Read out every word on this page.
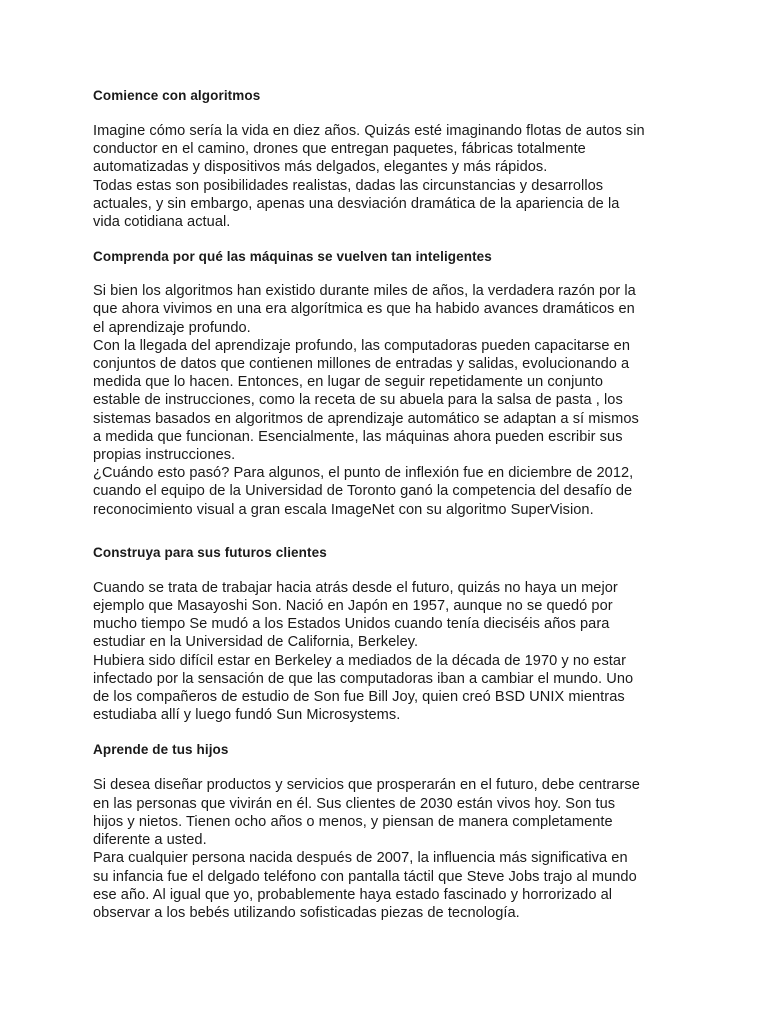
Comience con algoritmos

Imagine cómo sería la vida en diez años. Quizás esté imaginando flotas de autos sin
conductor en el camino, drones que entregan paquetes, fábricas totalmente
automatizadas y dispositivos más delgados, elegantes y más rápidos.

Todas estas son posibilidades realistas, dadas las circunstancias y desarrollos
actuales, y sin embargo, apenas una desviación dramática de la apariencia de la
vida cotidiana actual.

Comprenda por qué las máquinas se vuelven tan inteligentes

Si bien los algoritmos han existido durante miles de años, la verdadera razón por la
que ahora vivimos en una era algorítmica es que ha habido avances dramáticos en
el aprendizaje profundo.

Con la llegada del aprendizaje profundo, las computadoras pueden capacitarse en
conjuntos de datos que contienen millones de entradas y salidas, evolucionando a
medida que lo hacen. Entonces, en lugar de seguir repetidamente un conjunto
estable de instrucciones, como la receta de su abuela para la salsa de pasta , los
sistemas basados en algoritmos de aprendizaje automático se adaptan a sí mismos
a medida que funcionan. Esencialmente, las máquinas ahora pueden escribir sus
propias instrucciones.

¿Cuándo esto pasó? Para algunos, el punto de inflexión fue en diciembre de 2012,
cuando el equipo de la Universidad de Toronto ganó la competencia del desafío de
reconocimiento visual a gran escala ImageNet con su algoritmo SuperVision.

Construya para sus futuros clientes

Cuando se trata de trabajar hacia atrás desde el futuro, quizás no haya un mejor
ejemplo que Masayoshi Son. Nació en Japón en 1957, aunque no se quedó por
mucho tiempo Se mudó a los Estados Unidos cuando tenía dieciséis años para
estudiar en la Universidad de California, Berkeley.

Hubiera sido difícil estar en Berkeley a mediados de la década de 1970 y no estar
infectado por la sensación de que las computadoras iban a cambiar el mundo. Uno
de los compañeros de estudio de Son fue Bill Joy, quien creó BSD UNIX mientras
estudiaba allí y luego fundó Sun Microsystems.

Aprende de tus hijos

Si desea diseñar productos y servicios que prosperarán en el futuro, debe centrarse
en las personas que vivirán en él. Sus clientes de 2030 están vivos hoy. Son tus
hijos y nietos. Tienen ocho años o menos, y piensan de manera completamente
diferente a usted.

Para cualquier persona nacida después de 2007, la influencia más significativa en
su infancia fue el delgado teléfono con pantalla táctil que Steve Jobs trajo al mundo
ese año. Al igual que yo, probablemente haya estado fascinado y horrorizado al
observar a los bebés utilizando sofisticadas piezas de tecnología.
